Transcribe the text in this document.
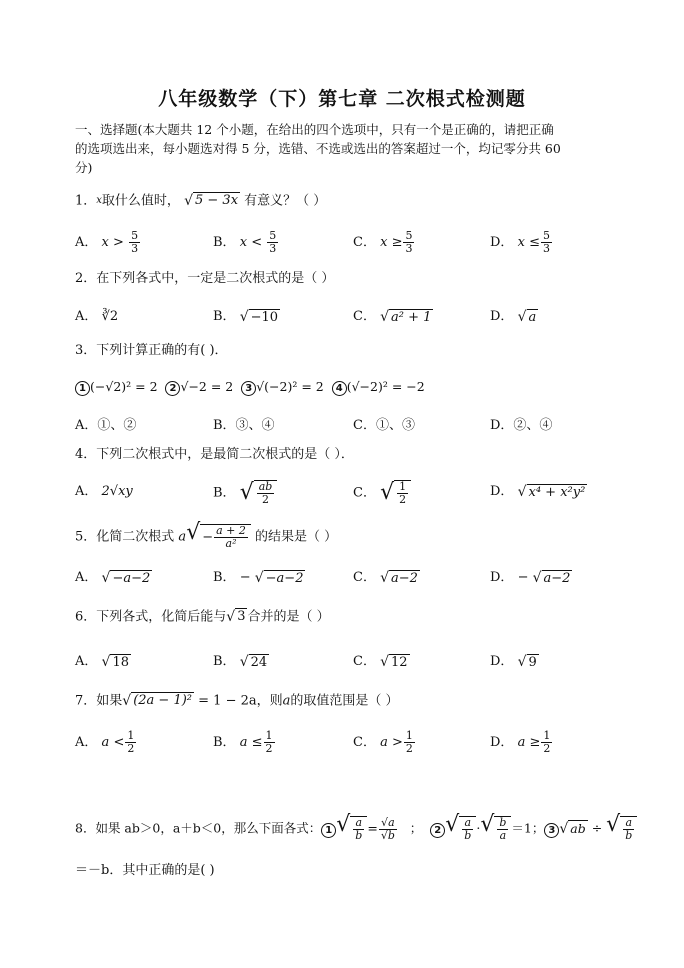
八年级数学（下）第七章 二次根式检测题
一、选择题(本大题共 12 个小题，在给出的四个选项中，只有一个是正确的，请把正确
的选项选出来，每小题选对得 5 分，选错、不选或选出的答案超过一个，均记零分共 60
分)
1．$^x$取什么值时， √ 5 − 3x 有意义？（ ）
A． $x > \frac{5}{3}$	B． $x < \frac{5}{3}$	C． $x \ge \frac{5}{3}$	D． $x \le \frac{5}{3}$
2．在下列各式中，一定是二次根式的是（ ）
A． ∛2	B． √ −10	C． √ a² + 1	D． √ a
3．下列计算正确的有( )．
1 (−√2)² = 2 2 √−2 = 2 3 √(−2)² = 2 4 (√−2)² = −2
A．①、②	B．③、④	C．①、③	D．②、④
4．下列二次根式中，是最简二次根式的是（ ）．
A． 2√xy	B． √ $\frac{ab}{2}$	C． √ $\frac{1}{2}$	D． √ x⁴ + x²y²
5．化简二次根式 $a√ - \frac{a + 2}{\text{a²}}$ 的结果是（ ）
A． √ −a−2	B． − √ −a−2	C． √ a−2	D． − √ a−2
6．下列各式，化简后能与√ 3 合并的是（ ）
A． √ 18	B． √ 24	C． √ 12	D． √ 9
7．如果√ (2a − 1)² = 1 − 2a，则a的取值范围是（ ）
A． $a < \frac{1}{2}$	B． $a \le \frac{1}{2}$	C． $a > \frac{1}{2}$	D． $a \ge \frac{1}{2}$
8．如果 ab＞0，a＋b＜0，那么下面各式： 1 √ $\frac{a}{b} = \frac{√a}{√b}$ ； 2 √ $\frac{a}{b}$ ·√ $\frac{b}{a} =1$； 3 √ ab ÷ √ $\frac{a}{b}$
＝－b．其中正确的是( )
